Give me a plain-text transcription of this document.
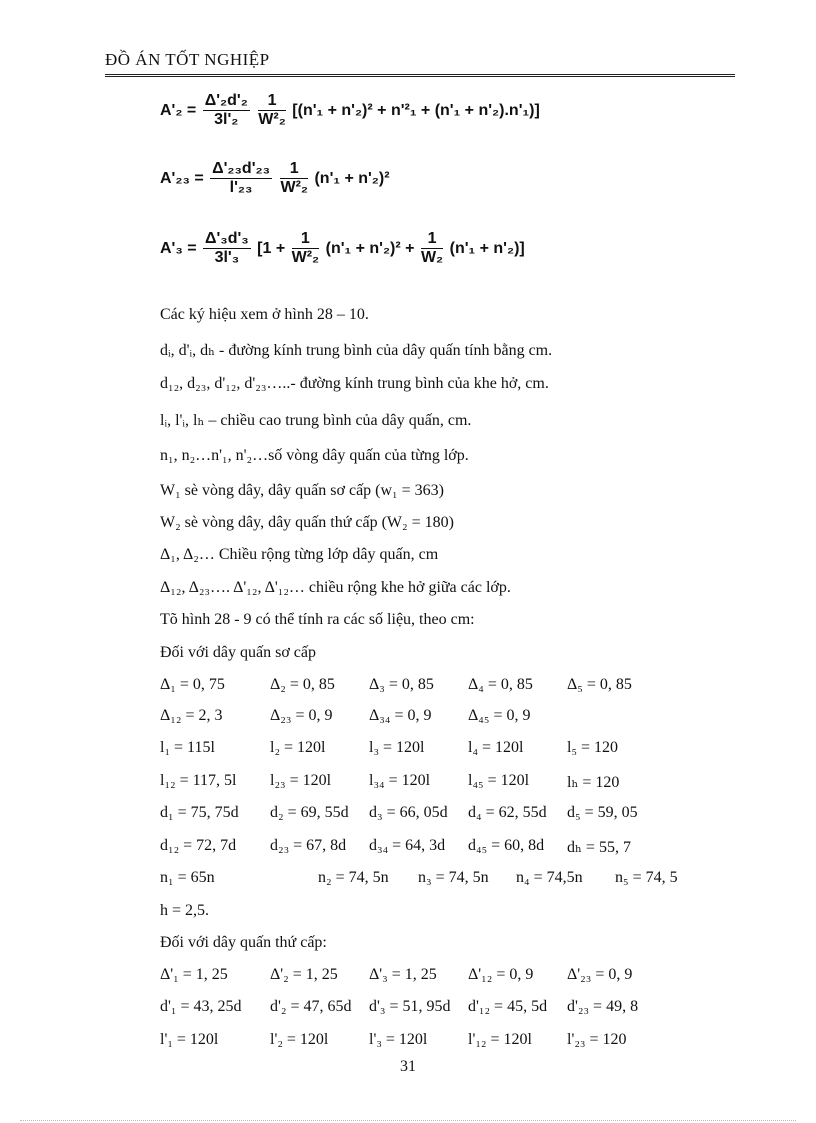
ĐỒ ÁN TỐT NGHIỆP
$A'_2 = \frac{\text{Δ'₂d'₂}}{\text{3l'₂}}$
$\frac{1}{\text{W²₂}} [(n'_1 + n'_2)^2 + n'^2_1 + (n'_1 + n'_2).n'_1)$]
$A'_{23} = \frac{\text{Δ'₂₃d'₂₃}}{\text{l'₂₃}}$
$\frac{1}{\text{W²₂}} (n'_1 + n'_2)^2$
$A'_3 = \frac{\text{Δ'₃d'₃}}{\text{3l'₃}} [1 + \frac{1}{\text{W²₂}} (n'_1 + n'_2)^2 + \frac{1}{\text{W₂}} (n'_1 + n'_2)]$
Các ký hiệu xem ở hình 28 – 10.
dᵢ, d'ᵢ, dₕ - đường kính trung bình của dây quấn tính bằng cm.
d₁₂, d₂₃, d'₁₂, d'₂₃…..- đường kính trung bình của khe hở, cm.
lᵢ, l'ᵢ, lₕ – chiều cao trung bình của dây quấn, cm.
n₁, n₂…n'₁, n'₂…số vòng dây quấn của từng lớp.
W₁ sè vòng dây, dây quấn sơ cấp (w₁ = 363)
W₂ sè vòng dây, dây quấn thứ cấp (W₂ = 180)
Δ₁, Δ₂… Chiều rộng từng lớp dây quấn, cm
Δ₁₂, Δ₂₃…. Δ'₁₂, Δ'₁₂… chiều rộng khe hở giữa các lớp.
Tõ hình 28 - 9 có thể tính ra các số liệu, theo cm:
Đối với dây quấn sơ cấp
Δ₁ = 0, 75	Δ₂ = 0, 85 Δ₃ = 0, 85 Δ₄ = 0, 85 Δ₅ = 0, 85
Δ₁₂ = 2, 3	Δ₂₃ = 0, 9 Δ₃₄ = 0, 9 Δ₄₅ = 0, 9
l₁ = 115l	l₂ = 120l	l₃ = 120l	l₄ = 120l	l₅ = 120
l₁₂ = 117, 5l l₂₃ = 120l l₃₄ = 120l l₄₅ = 120l lₕ = 120
d₁ = 75, 75d d₂ = 69, 55d d₃ = 66, 05d d₄ = 62, 55d d₅ = 59, 05
d₁₂ = 72, 7d d₂₃ = 67, 8d d₃₄ = 64, 3d d₄₅ = 60, 8d dₕ = 55, 7
n₁ = 65n	n₂ = 74, 5n n₃ = 74, 5n n₄ = 74,5n n₅ = 74, 5
h = 2,5.
Đối với dây quấn thứ cấp:
Δ'₁ = 1, 25	Δ'₂ = 1, 25 Δ'₃ = 1, 25 Δ'₁₂ = 0, 9 Δ'₂₃ = 0, 9
d'₁ = 43, 25d d'₂ = 47, 65d d'₃ = 51, 95d d'₁₂ = 45, 5d d'₂₃ = 49, 8
l'₁ = 120l	l'₂ = 120l	l'₃ = 120l	l'₁₂ = 120l l'₂₃ = 120
31
